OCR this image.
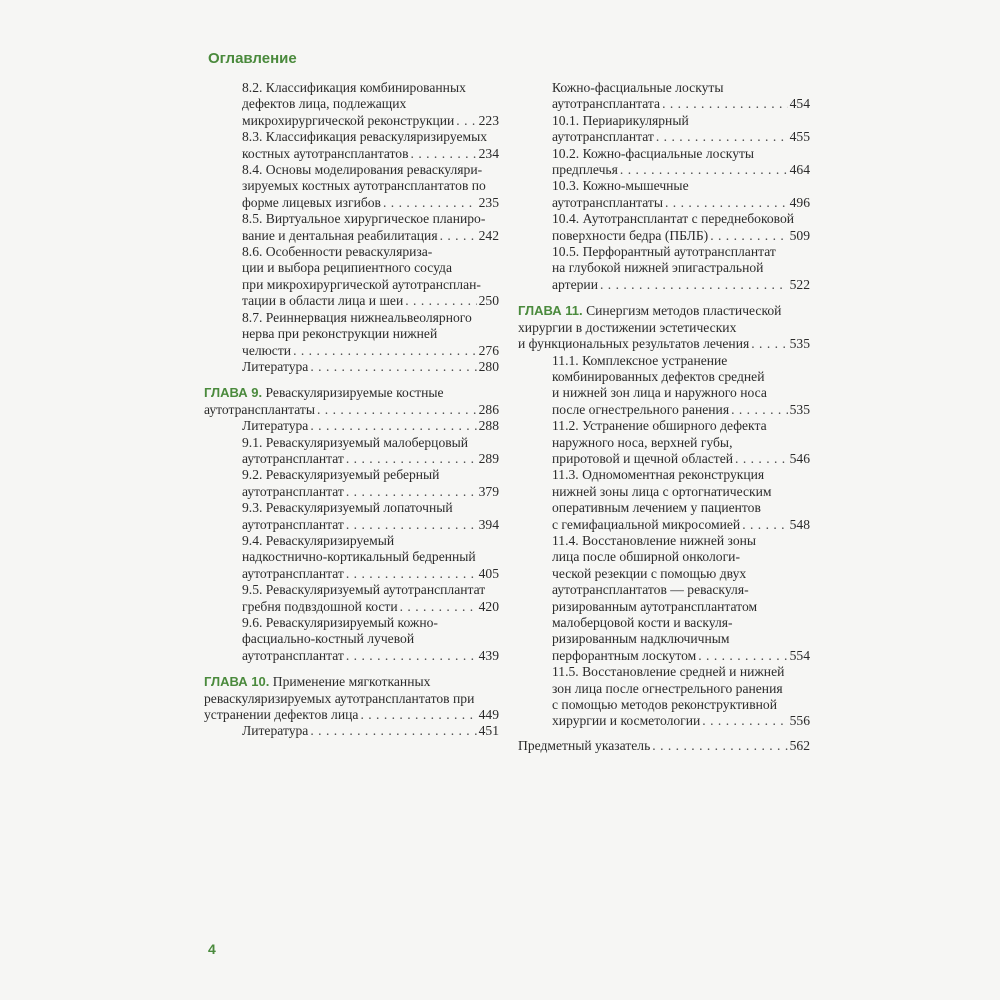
Оглавление
8.2. Классификация комбинированных
дефектов лица, подлежащих
микрохирургической реконструкции . . . 223
8.3. Классификация реваскуляризируемых
костных аутотрансплантатов . . .	234
8.4. Основы моделирования реваскуляри-
зируемых костных аутотрансплантатов по
форме лицевых изгибов . . .	235
8.5. Виртуальное хирургическое планиро-
вание и дентальная реабилитация . . .	242
8.6. Особенности реваскуляриза-
ции и выбора реципиентного сосуда
при микрохирургической аутотрансплан-
тации в области лица и шеи . . .	250
8.7. Реиннервация нижнеальвеолярного
нерва при реконструкции нижней
челюсти . . .	276
Литература . . .	280
ГЛАВА 9. Реваскуляризируемые костные
аутотрансплантаты . . .	286
Литература . . .	288
9.1. Реваскуляризуемый малоберцовый
аутотрансплантат . . .	289
9.2. Реваскуляризуемый реберный
аутотрансплантат . . .	379
9.3. Реваскуляризуемый лопаточный
аутотрансплантат . . .	394
9.4. Реваскуляризируемый
надкостнично-кортикальный бедренный
аутотрансплантат . . .	405
9.5. Реваскуляризуемый аутотрансплантат
гребня подвздошной кости . . .	420
9.6. Реваскуляризируемый кожно-
фасциально-костный лучевой
аутотрансплантат . . .	439
ГЛАВА 10. Применение мягкотканных
реваскуляризируемых аутотрансплантатов при
устранении дефектов лица . . .	449
Литература . . .	451
Кожно-фасциальные лоскуты
аутотрансплантата . . .	454
10.1. Периарикулярный
аутотрансплантат . . .	455
10.2. Кожно-фасциальные лоскуты
предплечья . . .	464
10.3. Кожно-мышечные
аутотрансплантаты . . .	496
10.4. Аутотрансплантат с переднебоковой
поверхности бедра (ПБЛБ) . . .	509
10.5. Перфорантный аутотрансплантат
на глубокой нижней эпигастральной
артерии . . .	522
ГЛАВА 11. Синергизм методов пластической
хирургии в достижении эстетических
и функциональных результатов лечения . . .	535
11.1. Комплексное устранение
комбинированных дефектов средней
и нижней зон лица и наружного носа
после огнестрельного ранения . . .	535
11.2. Устранение обширного дефекта
наружного носа, верхней губы,
приротовой и щечной областей . . .	546
11.3. Одномоментная реконструкция
нижней зоны лица с ортогнатическим
оперативным лечением у пациентов
с гемифациальной микросомией . . .	548
11.4. Восстановление нижней зоны
лица после обширной онкологи-
ческой резекции с помощью двух
аутотрансплантатов — реваскуля-
ризированным аутотрансплантатом
малоберцовой кости и васкуля-
ризированным надключичным
перфорантным лоскутом . . .	554
11.5. Восстановление средней и нижней
зон лица после огнестрельного ранения
с помощью методов реконструктивной
хирургии и косметологии . . .	556
Предметный указатель . . .	562
4
